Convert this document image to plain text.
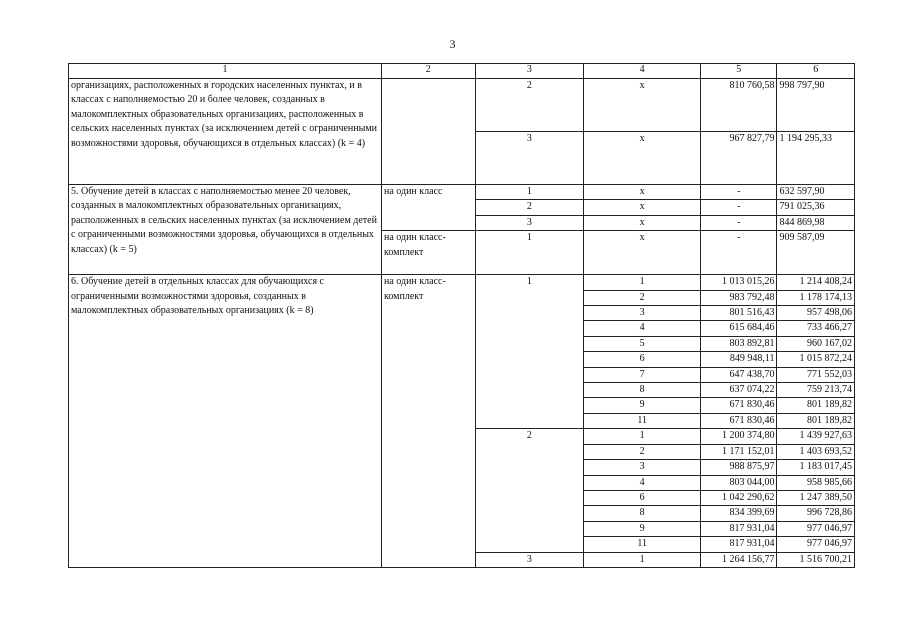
3
1	2	3	4	5	6
организациях, расположенных в городских населенных пунктах, и в классах с наполняемостью 20 и более человек, созданных в малокомплектных образовательных организациях, расположенных в сельских населенных пунктах (за исключением детей с ограниченными возможностями здоровья, обучающихся в отдельных классах) (k = 4)		2	x	810 760,58	998 797,90
		3	x	967 827,79	1 194 295,33
5. Обучение детей в классах с наполняемостью менее 20 человек, созданных в малокомплектных образовательных организациях, расположенных в сельских населенных пунктах (за исключением детей с ограниченными возможностями здоровья, обучающихся в отдельных классах) (k = 5)	на один класс	1	x	-	632 597,90
		2	x	-	791 025,36
		3	x	-	844 869,98
	на один класс-комплект	1	x	-	909 587,09
6. Обучение детей в отдельных классах для обучающихся с ограниченными возможностями здоровья, созданных в малокомплектных образовательных организациях (k = 8)	на один класс-комплект	1	1	1 013 015,26	1 214 408,24
			2	983 792,48	1 178 174,13
			3	801 516,43	957 498,06
			4	615 684,46	733 466,27
			5	803 892,81	960 167,02
			6	849 948,11	1 015 872,24
			7	647 438,70	771 552,03
			8	637 074,22	759 213,74
			9	671 830,46	801 189,82
			11	671 830,46	801 189,82
		2	1	1 200 374,80	1 439 927,63
			2	1 171 152,01	1 403 693,52
			3	988 875,97	1 183 017,45
			4	803 044,00	958 985,66
			6	1 042 290,62	1 247 389,50
			8	834 399,69	996 728,86
			9	817 931,04	977 046,97
			11	817 931,04	977 046,97
		3	1	1 264 156,77	1 516 700,21
